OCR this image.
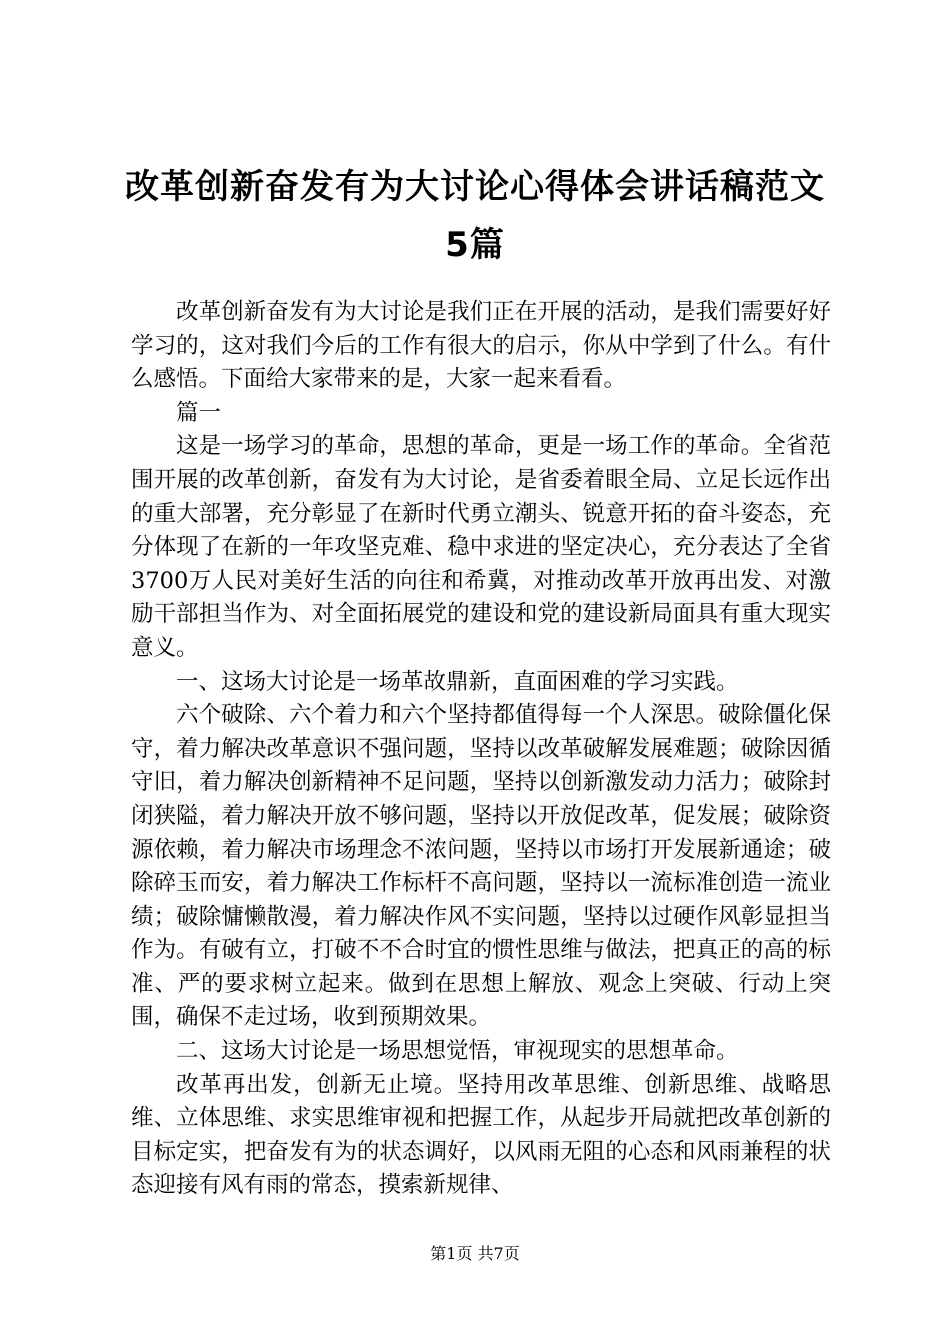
改革创新奋发有为大讨论心得体会讲话稿范文5篇

改革创新奋发有为大讨论是我们正在开展的活动，是我们需要好好学习的，这对我们今后的工作有很大的启示，你从中学到了什么。有什么感悟。下面给大家带来的是，大家一起来看看。

篇一

这是一场学习的革命，思想的革命，更是一场工作的革命。全省范围开展的改革创新，奋发有为大讨论，是省委着眼全局、立足长远作出的重大部署，充分彰显了在新时代勇立潮头、锐意开拓的奋斗姿态，充分体现了在新的一年攻坚克难、稳中求进的坚定决心，充分表达了全省3700万人民对美好生活的向往和希冀，对推动改革开放再出发、对激励干部担当作为、对全面拓展党的建设和党的建设新局面具有重大现实意义。

一、这场大讨论是一场革故鼎新，直面困难的学习实践。

六个破除、六个着力和六个坚持都值得每一个人深思。破除僵化保守，着力解决改革意识不强问题，坚持以改革破解发展难题；破除因循守旧，着力解决创新精神不足问题，坚持以创新激发动力活力；破除封闭狭隘，着力解决开放不够问题，坚持以开放促改革，促发展；破除资源依赖，着力解决市场理念不浓问题，坚持以市场打开发展新通途；破除碎玉而安，着力解决工作标杆不高问题，坚持以一流标准创造一流业绩；破除慵懒散漫，着力解决作风不实问题，坚持以过硬作风彰显担当作为。有破有立，打破不不合时宜的惯性思维与做法，把真正的高的标准、严的要求树立起来。做到在思想上解放、观念上突破、行动上突围，确保不走过场，收到预期效果。

二、这场大讨论是一场思想觉悟，审视现实的思想革命。

改革再出发，创新无止境。坚持用改革思维、创新思维、战略思维、立体思维、求实思维审视和把握工作，从起步开局就把改革创新的目标定实，把奋发有为的状态调好，以风雨无阻的心态和风雨兼程的状态迎接有风有雨的常态，摸索新规律、

第1页 共7页
